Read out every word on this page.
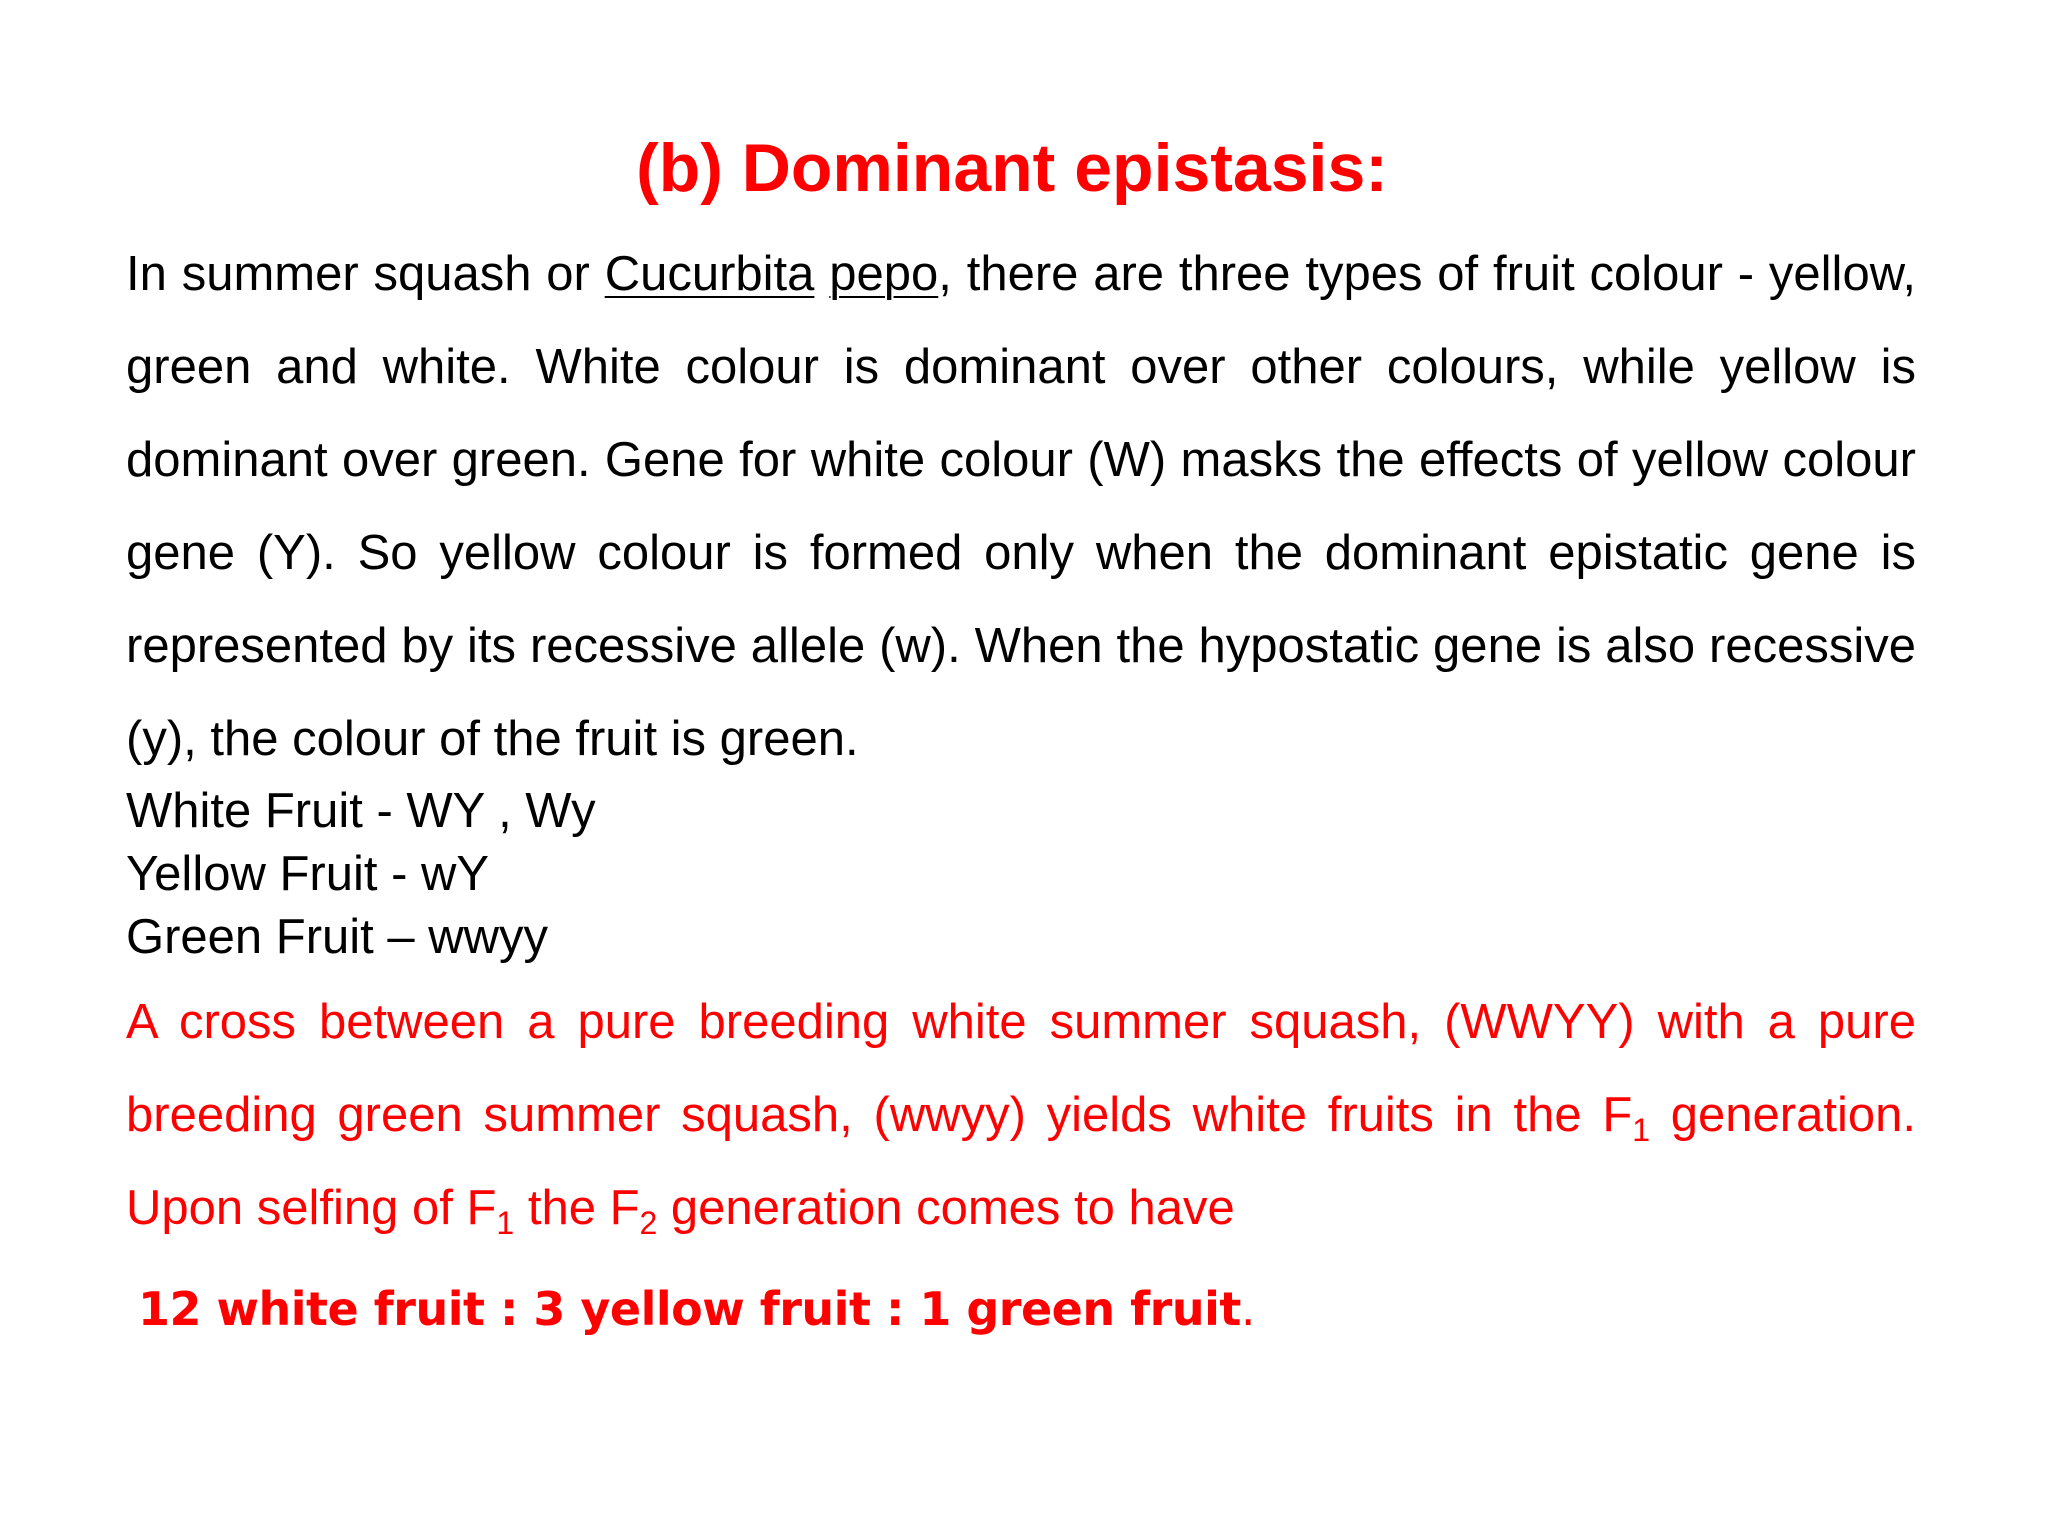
(b) Dominant epistasis:

In summer squash or Cucurbita pepo, there are three types of fruit colour - yellow, green and white. White colour is dominant over other colours, while yellow is dominant over green. Gene for white colour (W) masks the effects of yellow colour gene (Y). So yellow colour is formed only when the dominant epistatic gene is represented by its recessive allele (w). When the hypostatic gene is also recessive (y), the colour of the fruit is green.

White Fruit - WY , Wy
Yellow Fruit - wY
Green Fruit – wwyy

A cross between a pure breeding white summer squash, (WWYY) with a pure breeding green summer squash, (wwyy) yields white fruits in the $F_1$ generation. Upon selfing of $F_1$ the $F_2$ generation comes to have

12 white fruit : 3 yellow fruit : 1 green fruit.
